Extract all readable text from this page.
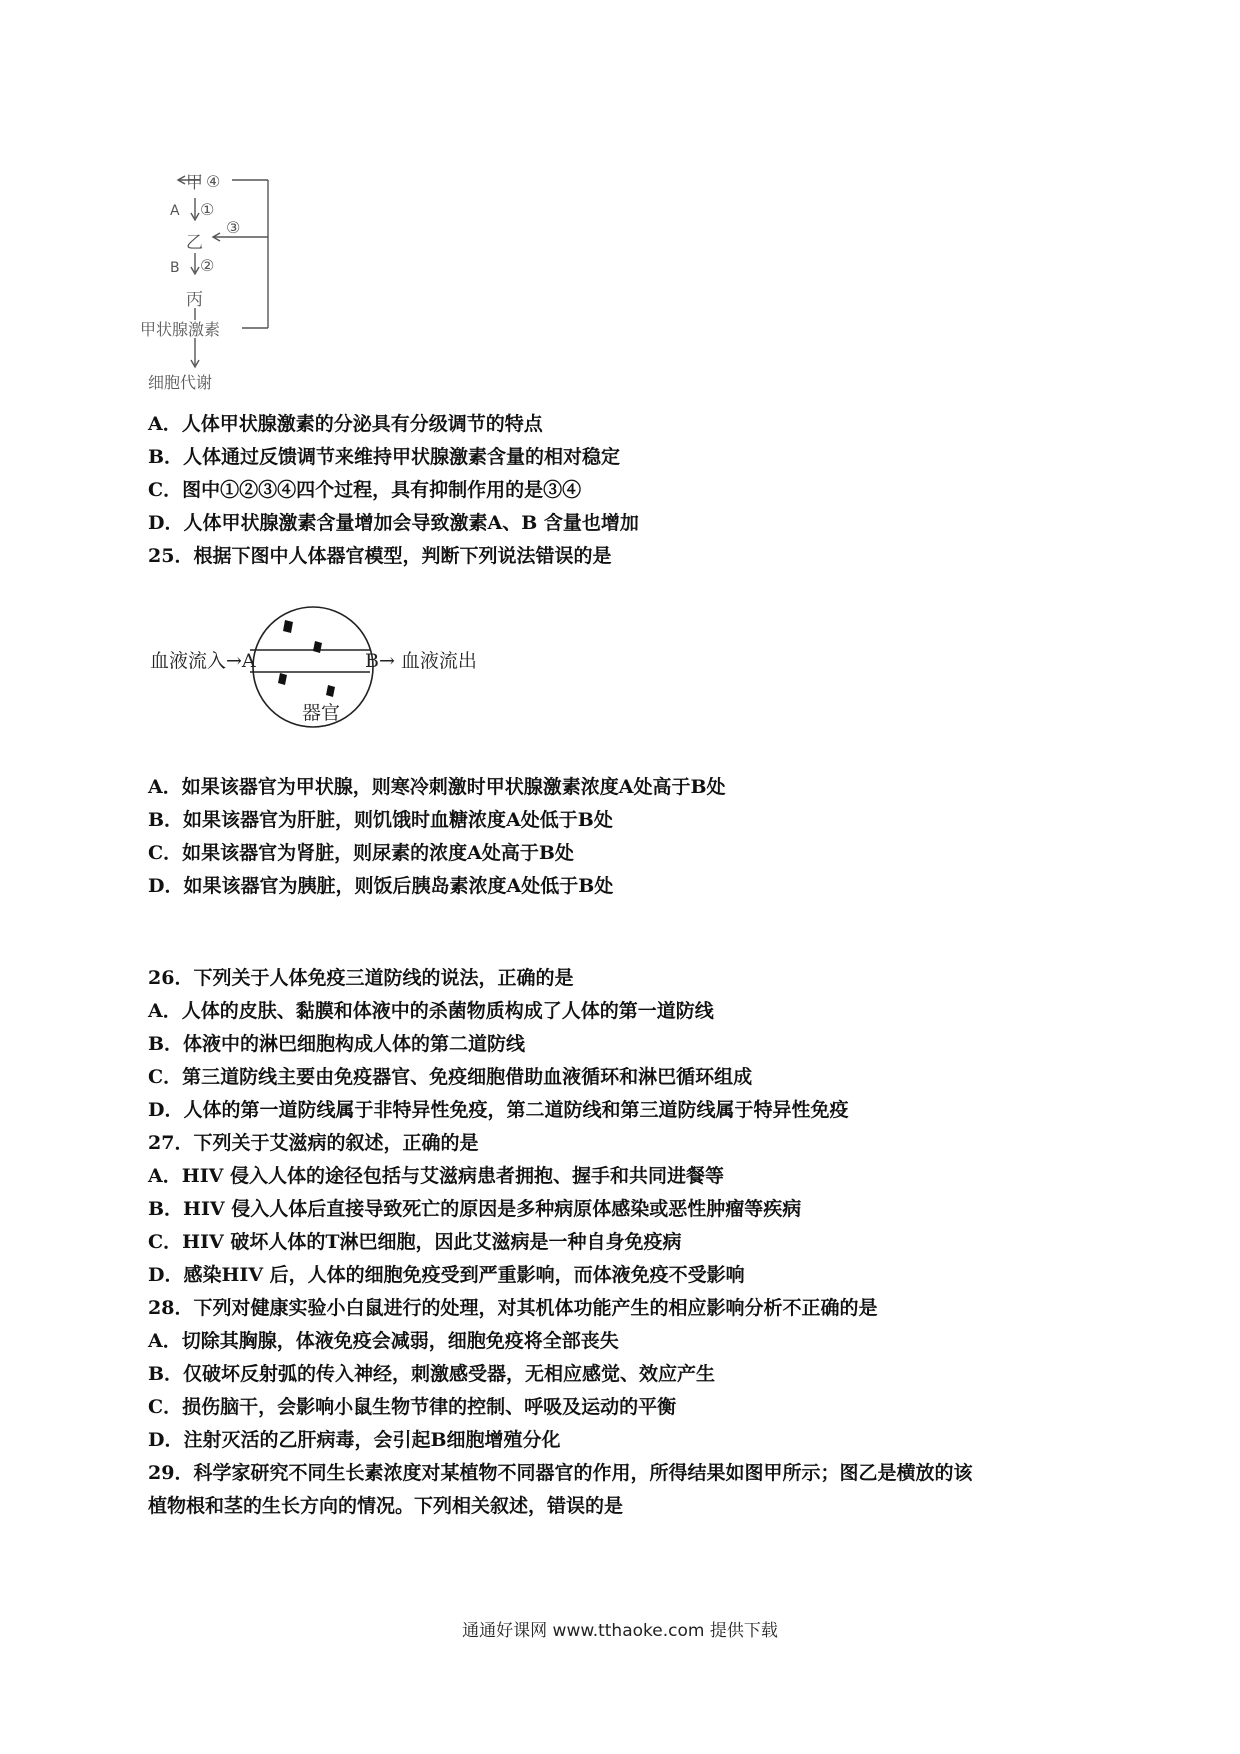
甲 ④
A ①
乙
③
B ②
丙
甲状腺激素
细胞代谢
A．人体甲状腺激素的分泌具有分级调节的特点
B．人体通过反馈调节来维持甲状腺激素含量的相对稳定
C．图中①②③④四个过程，具有抑制作用的是③④
D．人体甲状腺激素含量增加会导致激素A、B 含量也增加
25．根据下图中人体器官模型，判断下列说法错误的是
血液流入→A	B→ 血液流出
器官
A．如果该器官为甲状腺，则寒冷刺激时甲状腺激素浓度A处高于B处
B．如果该器官为肝脏，则饥饿时血糖浓度A处低于B处
C．如果该器官为肾脏，则尿素的浓度A处高于B处
D．如果该器官为胰脏，则饭后胰岛素浓度A处低于B处
26．下列关于人体免疫三道防线的说法，正确的是
A．人体的皮肤、黏膜和体液中的杀菌物质构成了人体的第一道防线
B．体液中的淋巴细胞构成人体的第二道防线
C．第三道防线主要由免疫器官、免疫细胞借助血液循环和淋巴循环组成
D．人体的第一道防线属于非特异性免疫，第二道防线和第三道防线属于特异性免疫
27．下列关于艾滋病的叙述，正确的是
A．HIV 侵入人体的途径包括与艾滋病患者拥抱、握手和共同进餐等
B．HIV 侵入人体后直接导致死亡的原因是多种病原体感染或恶性肿瘤等疾病
C．HIV 破坏人体的T淋巴细胞，因此艾滋病是一种自身免疫病
D．感染HIV 后，人体的细胞免疫受到严重影响，而体液免疫不受影响
28．下列对健康实验小白鼠进行的处理，对其机体功能产生的相应影响分析不正确的是
A．切除其胸腺，体液免疫会减弱，细胞免疫将全部丧失
B．仅破坏反射弧的传入神经，刺激感受器，无相应感觉、效应产生
C．损伤脑干，会影响小鼠生物节律的控制、呼吸及运动的平衡
D．注射灭活的乙肝病毒，会引起B细胞增殖分化
29．科学家研究不同生长素浓度对某植物不同器官的作用，所得结果如图甲所示；图乙是横放的该
植物根和茎的生长方向的情况。下列相关叙述，错误的是
通通好课网 www.tthaoke.com 提供下载
